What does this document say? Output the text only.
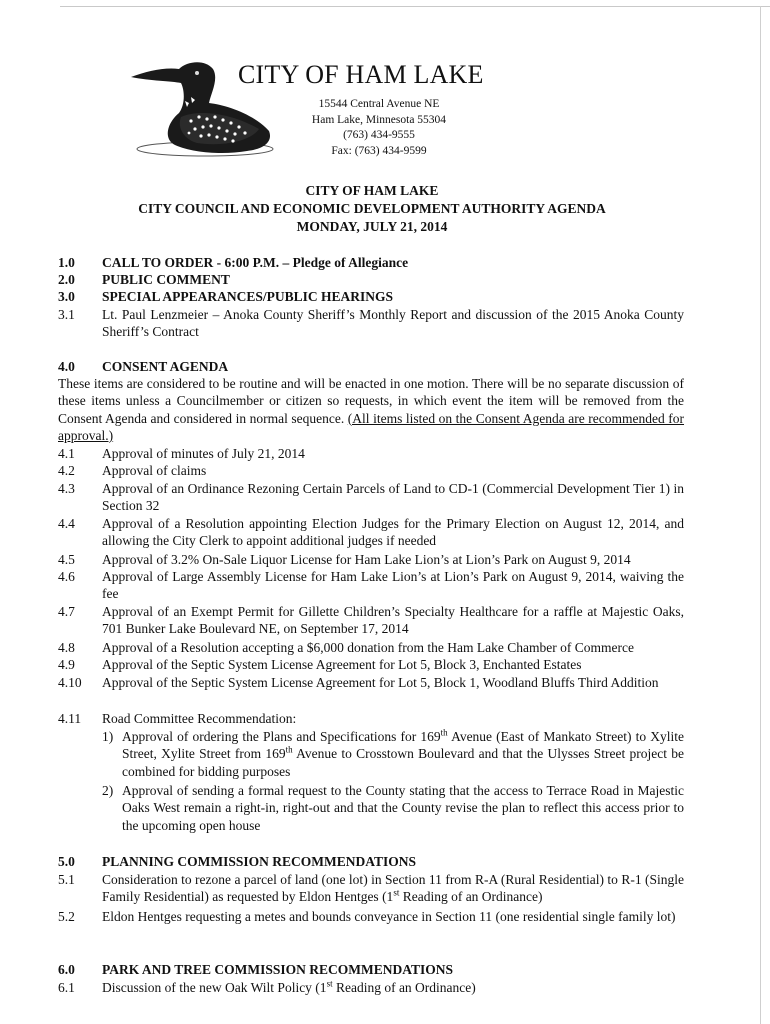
CITY OF HAM LAKE
15544 Central Avenue NE
Ham Lake, Minnesota 55304
(763) 434-9555
Fax: (763) 434-9599
CITY OF HAM LAKE
CITY COUNCIL AND ECONOMIC DEVELOPMENT AUTHORITY AGENDA
MONDAY, JULY 21, 2014
1.0 CALL TO ORDER - 6:00 P.M. – Pledge of Allegiance
2.0 PUBLIC COMMENT
3.0 SPECIAL APPEARANCES/PUBLIC HEARINGS
3.1 Lt. Paul Lenzmeier – Anoka County Sheriff’s Monthly Report and discussion of the 2015 Anoka County Sheriff’s Contract
4.0 CONSENT AGENDA
These items are considered to be routine and will be enacted in one motion. There will be no separate discussion of these items unless a Councilmember or citizen so requests, in which event the item will be removed from the Consent Agenda and considered in normal sequence. (All items listed on the Consent Agenda are recommended for approval.)
4.1 Approval of minutes of July 21, 2014
4.2 Approval of claims
4.3 Approval of an Ordinance Rezoning Certain Parcels of Land to CD-1 (Commercial Development Tier 1) in Section 32
4.4 Approval of a Resolution appointing Election Judges for the Primary Election on August 12, 2014, and allowing the City Clerk to appoint additional judges if needed
4.5 Approval of 3.2% On-Sale Liquor License for Ham Lake Lion’s at Lion’s Park on August 9, 2014
4.6 Approval of Large Assembly License for Ham Lake Lion’s at Lion’s Park on August 9, 2014, waiving the fee
4.7 Approval of an Exempt Permit for Gillette Children’s Specialty Healthcare for a raffle at Majestic Oaks, 701 Bunker Lake Boulevard NE, on September 17, 2014
4.8 Approval of a Resolution accepting a $6,000 donation from the Ham Lake Chamber of Commerce
4.9 Approval of the Septic System License Agreement for Lot 5, Block 3, Enchanted Estates
4.10 Approval of the Septic System License Agreement for Lot 5, Block 1, Woodland Bluffs Third Addition
4.11 Road Committee Recommendation:
1) Approval of ordering the Plans and Specifications for 169th Avenue (East of Mankato Street) to Xylite Street, Xylite Street from 169th Avenue to Crosstown Boulevard and that the Ulysses Street project be combined for bidding purposes
2) Approval of sending a formal request to the County stating that the access to Terrace Road in Majestic Oaks West remain a right-in, right-out and that the County revise the plan to reflect this access prior to the upcoming open house
5.0 PLANNING COMMISSION RECOMMENDATIONS
5.1 Consideration to rezone a parcel of land (one lot) in Section 11 from R-A (Rural Residential) to R-1 (Single Family Residential) as requested by Eldon Hentges (1st Reading of an Ordinance)
5.2 Eldon Hentges requesting a metes and bounds conveyance in Section 11 (one residential single family lot)
6.0 PARK AND TREE COMMISSION RECOMMENDATIONS
6.1 Discussion of the new Oak Wilt Policy (1st Reading of an Ordinance)
